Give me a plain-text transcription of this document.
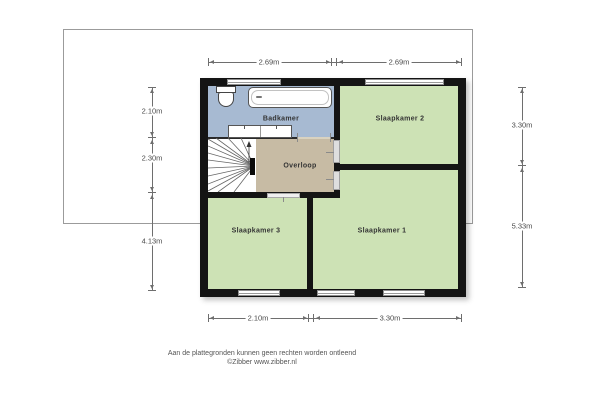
Badkamer	Slaapkamer 2
Overloop
Slaapkamer 3	Slaapkamer 1
2.69m	2.69m
2.10m
2.30m
4.13m
3.30m
5.33m
2.10m	3.30m
Aan de plattegronden kunnen geen rechten worden ontleend
©Zibber www.zibber.nl
